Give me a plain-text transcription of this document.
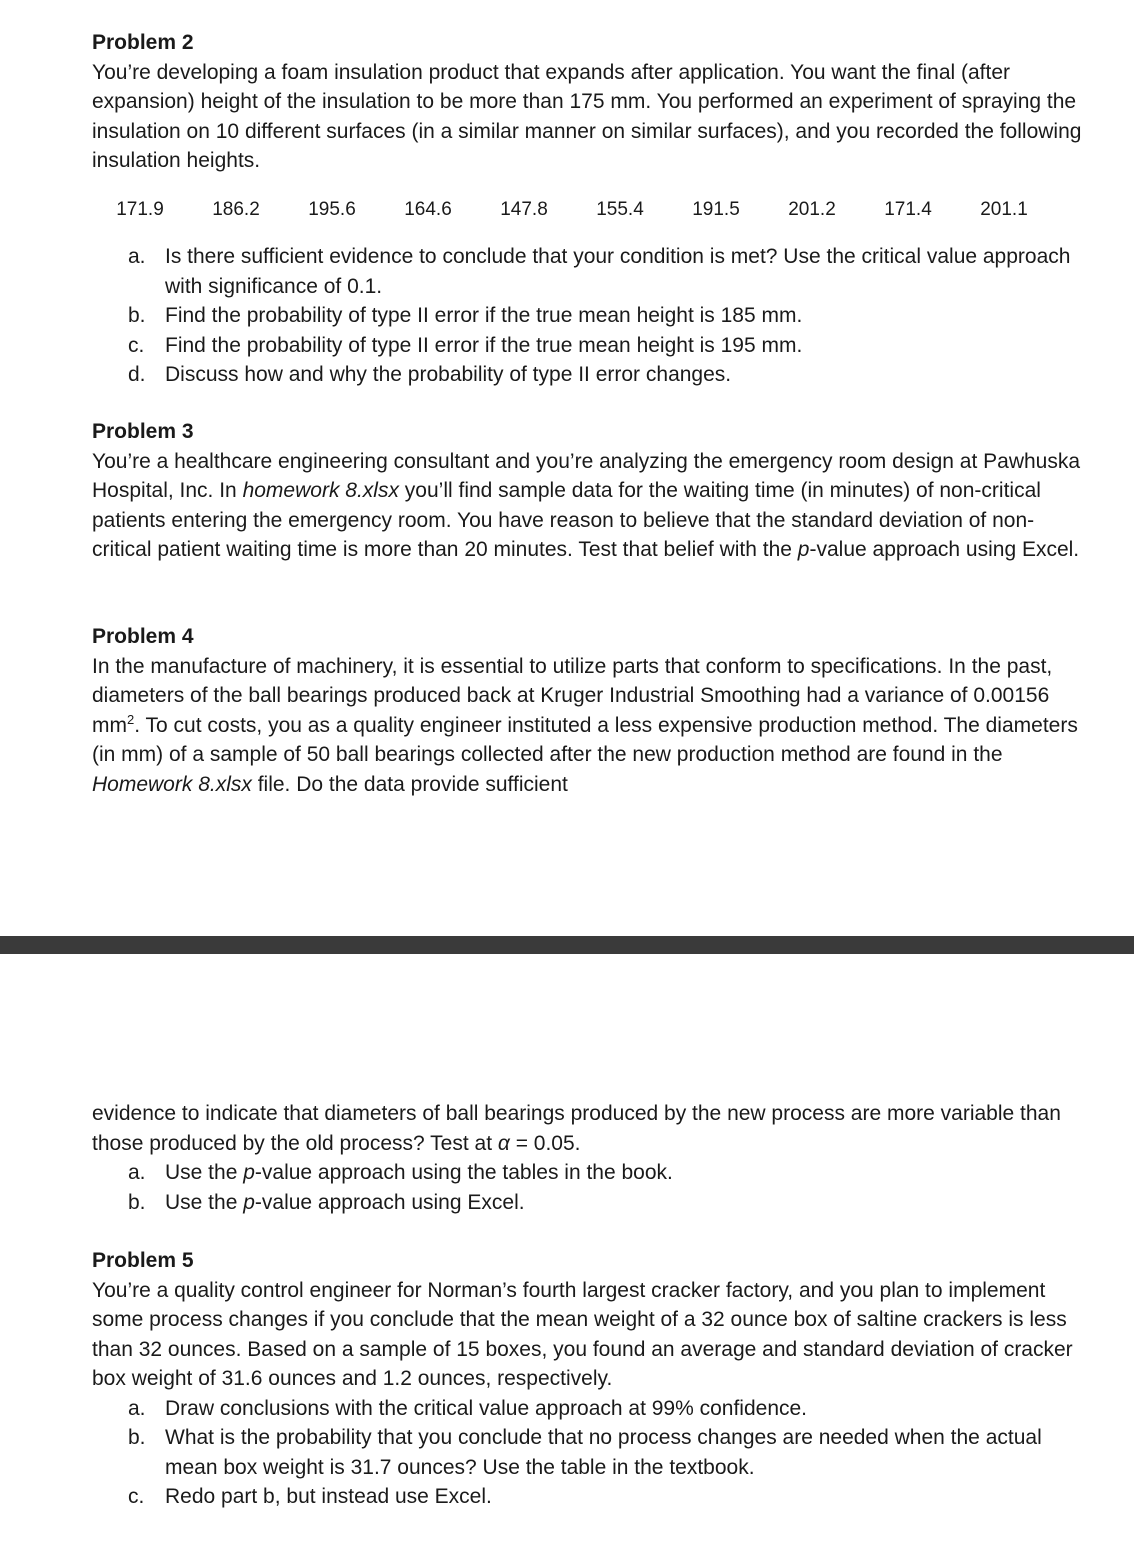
Problem 2
You’re developing a foam insulation product that expands after application. You want the final (after expansion) height of the insulation to be more than 175 mm. You performed an experiment of spraying the insulation on 10 different surfaces (in a similar manner on similar surfaces), and you recorded the following insulation heights.
171.9	186.2	195.6	164.6	147.8	155.4	191.5	201.2	171.4	201.1
a. Is there sufficient evidence to conclude that your condition is met? Use the critical value approach with significance of 0.1.
b. Find the probability of type II error if the true mean height is 185 mm.
c. Find the probability of type II error if the true mean height is 195 mm.
d. Discuss how and why the probability of type II error changes.
Problem 3
You’re a healthcare engineering consultant and you’re analyzing the emergency room design at Pawhuska Hospital, Inc. In homework 8.xlsx you’ll find sample data for the waiting time (in minutes) of non-critical patients entering the emergency room. You have reason to believe that the standard deviation of non-critical patient waiting time is more than 20 minutes. Test that belief with the p-value approach using Excel.
Problem 4
In the manufacture of machinery, it is essential to utilize parts that conform to specifications. In the past, diameters of the ball bearings produced back at Kruger Industrial Smoothing had a variance of 0.00156 $mm^2$. To cut costs, you as a quality engineer instituted a less expensive production method. The diameters (in mm) of a sample of 50 ball bearings collected after the new production method are found in the Homework 8.xlsx file. Do the data provide sufficient
evidence to indicate that diameters of ball bearings produced by the new process are more variable than those produced by the old process? Test at α = 0.05.
a. Use the p-value approach using the tables in the book.
b. Use the p-value approach using Excel.
Problem 5
You’re a quality control engineer for Norman’s fourth largest cracker factory, and you plan to implement some process changes if you conclude that the mean weight of a 32 ounce box of saltine crackers is less than 32 ounces. Based on a sample of 15 boxes, you found an average and standard deviation of cracker box weight of 31.6 ounces and 1.2 ounces, respectively.
a. Draw conclusions with the critical value approach at 99% confidence.
b. What is the probability that you conclude that no process changes are needed when the actual mean box weight is 31.7 ounces? Use the table in the textbook.
c. Redo part b, but instead use Excel.
